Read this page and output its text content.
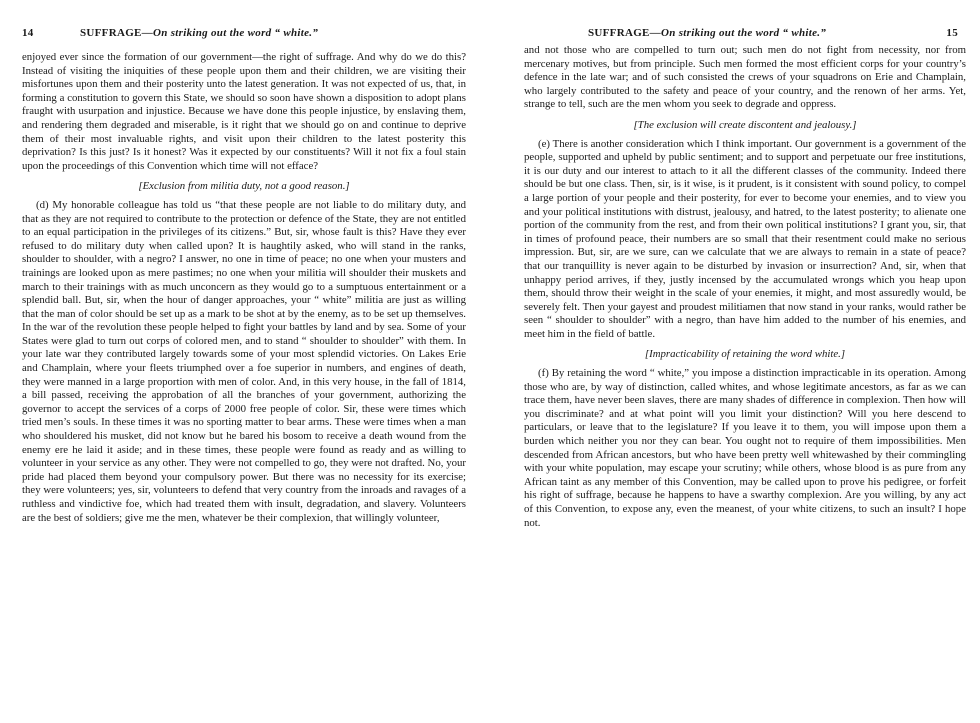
14	SUFFRAGE—On striking out the word “ white.”

enjoyed ever since the formation of our government—the right of suffrage. And why do we do this? Instead of visiting the iniquities of these people upon them and their children, we are visiting their misfortunes upon them and their posterity unto the latest generation. It was not expected of us, that, in forming a constitution to govern this State, we should so soon have shown a disposition to adopt plans fraught with usurpation and injustice. Because we have done this people injustice, by enslaving them, and rendering them degraded and miserable, is it right that we should go on and continue to deprive them of their most invaluable rights, and visit upon their children to the latest posterity this deprivation? Is this just? Is it honest? Was it expected by our constituents? Will it not fix a foul stain upon the proceedings of this Convention which time will not efface?

[Exclusion from militia duty, not a good reason.]

(d) My honorable colleague has told us “that these people are not liable to do military duty, and that as they are not required to contribute to the protection or defence of the State, they are not entitled to an equal participation in the privileges of its citizens.” But, sir, whose fault is this? Have they ever refused to do military duty when called upon? It is haughtily asked, who will stand in the ranks, shoulder to shoulder, with a negro? I answer, no one in time of peace; no one when your musters and trainings are looked upon as mere pastimes; no one when your militia will shoulder their muskets and march to their trainings with as much unconcern as they would go to a sumptuous entertainment or a splendid ball. But, sir, when the hour of danger approaches, your “ white” militia are just as willing that the man of color should be set up as a mark to be shot at by the enemy, as to be set up themselves. In the war of the revolution these people helped to fight your battles by land and by sea. Some of your States were glad to turn out corps of colored men, and to stand “ shoulder to shoulder” with them. In your late war they contributed largely towards some of your most splendid victories. On Lakes Erie and Champlain, where your fleets triumphed over a foe superior in numbers, and engines of death, they were manned in a large proportion with men of color. And, in this very house, in the fall of 1814, a bill passed, receiving the approbation of all the branches of your government, authorizing the governor to accept the services of a corps of 2000 free people of color. Sir, these were times which tried men’s souls. In these times it was no sporting matter to bear arms. These were times when a man who shouldered his musket, did not know but he bared his bosom to receive a death wound from the enemy ere he laid it aside; and in these times, these people were found as ready and as willing to volunteer in your service as any other. They were not compelled to go, they were not drafted. No, your pride had placed them beyond your compulsory power. But there was no necessity for its exercise; they were volunteers; yes, sir, volunteers to defend that very country from the inroads and ravages of a ruthless and vindictive foe, which had treated them with insult, degradation, and slavery. Volunteers are the best of soldiers; give me the men, whatever be their complexion, that willingly volunteer,

SUFFRAGE—On striking out the word “ white.”	15

and not those who are compelled to turn out; such men do not fight from necessity, nor from mercenary motives, but from principle. Such men formed the most efficient corps for your country’s defence in the late war; and of such consisted the crews of your squadrons on Erie and Champlain, who largely contributed to the safety and peace of your country, and the renown of her arms. Yet, strange to tell, such are the men whom you seek to degrade and oppress.

[The exclusion will create discontent and jealousy.]

(e) There is another consideration which I think important. Our government is a government of the people, supported and upheld by public sentiment; and to support and perpetuate our free institutions, it is our duty and our interest to attach to it all the different classes of the community. Indeed there should be but one class. Then, sir, is it wise, is it prudent, is it consistent with sound policy, to compel a large portion of your people and their posterity, for ever to become your enemies, and to view you and your political institutions with distrust, jealousy, and hatred, to the latest posterity; to alienate one portion of the community from the rest, and from their own political institutions? I grant you, sir, that in times of profound peace, their numbers are so small that their resentment could make no serious impression. But, sir, are we sure, can we calculate that we are always to remain in a state of peace? that our tranquillity is never again to be disturbed by invasion or insurrection? And, sir, when that unhappy period arrives, if they, justly incensed by the accumulated wrongs which you heap upon them, should throw their weight in the scale of your enemies, it might, and most assuredly would, be severely felt. Then your gayest and proudest militiamen that now stand in your ranks, would rather be seen “ shoulder to shoulder” with a negro, than have him added to the number of his enemies, and meet him in the field of battle.

[Impracticability of retaining the word white.]

(f) By retaining the word “ white,” you impose a distinction impracticable in its operation. Among those who are, by way of distinction, called whites, and whose legitimate ancestors, as far as we can trace them, have never been slaves, there are many shades of difference in complexion. Then how will you discriminate? and at what point will you limit your distinction? Will you here descend to particulars, or leave that to the legislature? If you leave it to them, you will impose upon them a burden which neither you nor they can bear. You ought not to require of them impossibilities. Men descended from African ancestors, but who have been pretty well whitewashed by their commingling with your white population, may escape your scrutiny; while others, whose blood is as pure from any African taint as any member of this Convention, may be called upon to prove his pedigree, or forfeit his right of suffrage, because he happens to have a swarthy complexion. Are you willing, by any act of this Convention, to expose any, even the meanest, of your white citizens, to such an insult? I hope not.
